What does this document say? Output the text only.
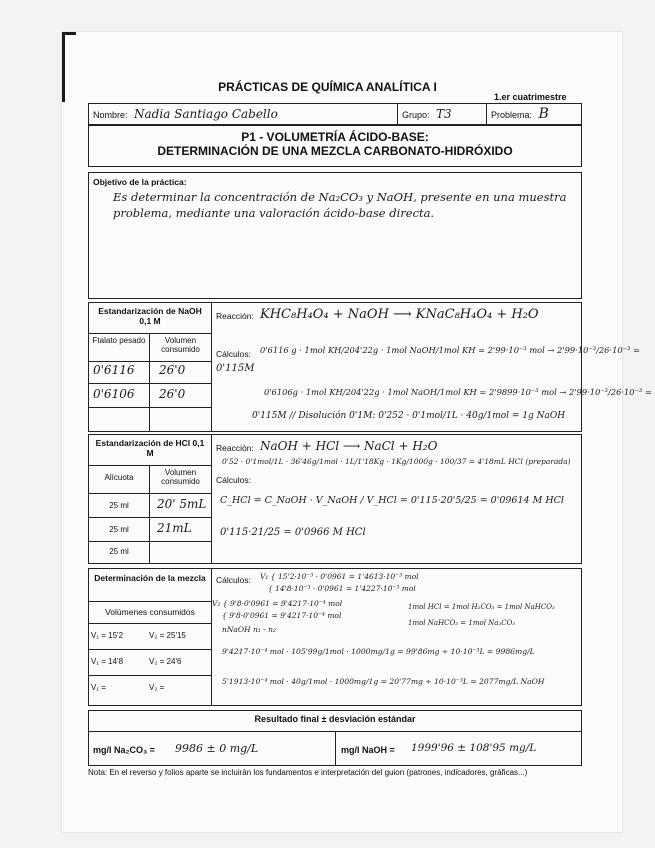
PRÁCTICAS DE QUÍMICA ANALÍTICA I
1.er cuatrimestre
Nombre: Nadia Santiago Cabello	Grupo: T3	Problema: B
P1 - VOLUMETRÍA ÁCIDO-BASE:
DETERMINACIÓN DE UNA MEZCLA CARBONATO-HIDRÓXIDO
Objetivo de la práctica:
Es determinar la concentración de Na₂CO₃ y NaOH, presente en una muestra problema, mediante una valoración ácido-base directa.
Estandarización de NaOH 0,1 M
Ftalato pesado	Volumen consumido
0'6116 26'0
0'6106 26'0
Reacción: KHC₈H₄O₄ + NaOH ⟶ KNaC₈H₄O₄ + H₂O
Cálculos: 0'6116 g · 1mol KH/204'22g · 1mol NaOH/1mol KH = 2'99·10⁻³ mol → 2'99·10⁻³/26·10⁻³ =
0'115M
0'6106g · 1mol KH/204'22g · 1mol NaOH/1mol KH = 2'9899·10⁻³ mol → 2'99·10⁻³/26·10⁻³ =
0'115M // Disolución 0'1M: 0'252 · 0'1mol/1L · 40g/1mol = 1g NaOH
Estandarización de HCl 0,1 M
Alícuota
Volumen consumido
25 ml	20' 5mL
25 ml	21mL
25 ml
Reacción: NaOH + HCl ⟶ NaCl + H₂O
0'52 · 0'1mol/1L · 36'46g/1mol · 1L/1'18Kg · 1Kg/1000g · 100/37 = 4'18mL HCl (preparada)
Cálculos:
C_HCl = C_NaOH · V_NaOH / V_HCl = 0'115·20'5/25 = 0'09614 M HCl
0'115·21/25 = 0'0966 M HCl
Determinación de la mezcla
Volúmenes consumidos
V₁ = 15'2	V₂ = 25'15
V₁ = 14'8	V₂ = 24'6
V₁ =	V₂ =
Cálculos: V₁ { 15'2·10⁻³ · 0'0961 = 1'4613·10⁻³ mol
{ 14'8·10⁻³ · 0'0961 = 1'4227·10⁻³ mol
V₂ { 9'8·0'0961 = 9'4217·10⁻⁴ mol
{ 9'8·0'0961 = 9'4217·10⁻⁴ mol
nNaOH n₁ - n₂
1mol HCl = 1mol H₂CO₃ = 1mol NaHCO₃
1mol NaHCO₃ = 1mol Na₂CO₃
9'4217·10⁻⁴ mol · 105'99g/1mol · 1000mg/1g = 99'86mg ÷ 10·10⁻³L = 9986mg/L
5'1913·10⁻⁴ mol · 40g/1mol · 1000mg/1g = 20'77mg ÷ 10·10⁻³L = 2077mg/L NaOH
Resultado final ± desviación estándar
mg/l Na₂CO₃ = 9986 ± 0 mg/L	mg/l NaOH = 1999'96 ± 108'95 mg/L
Nota: En el reverso y folios aparte se incluirán los fundamentos e interpretación del guion (patrones, indicadores, gráficas...)
